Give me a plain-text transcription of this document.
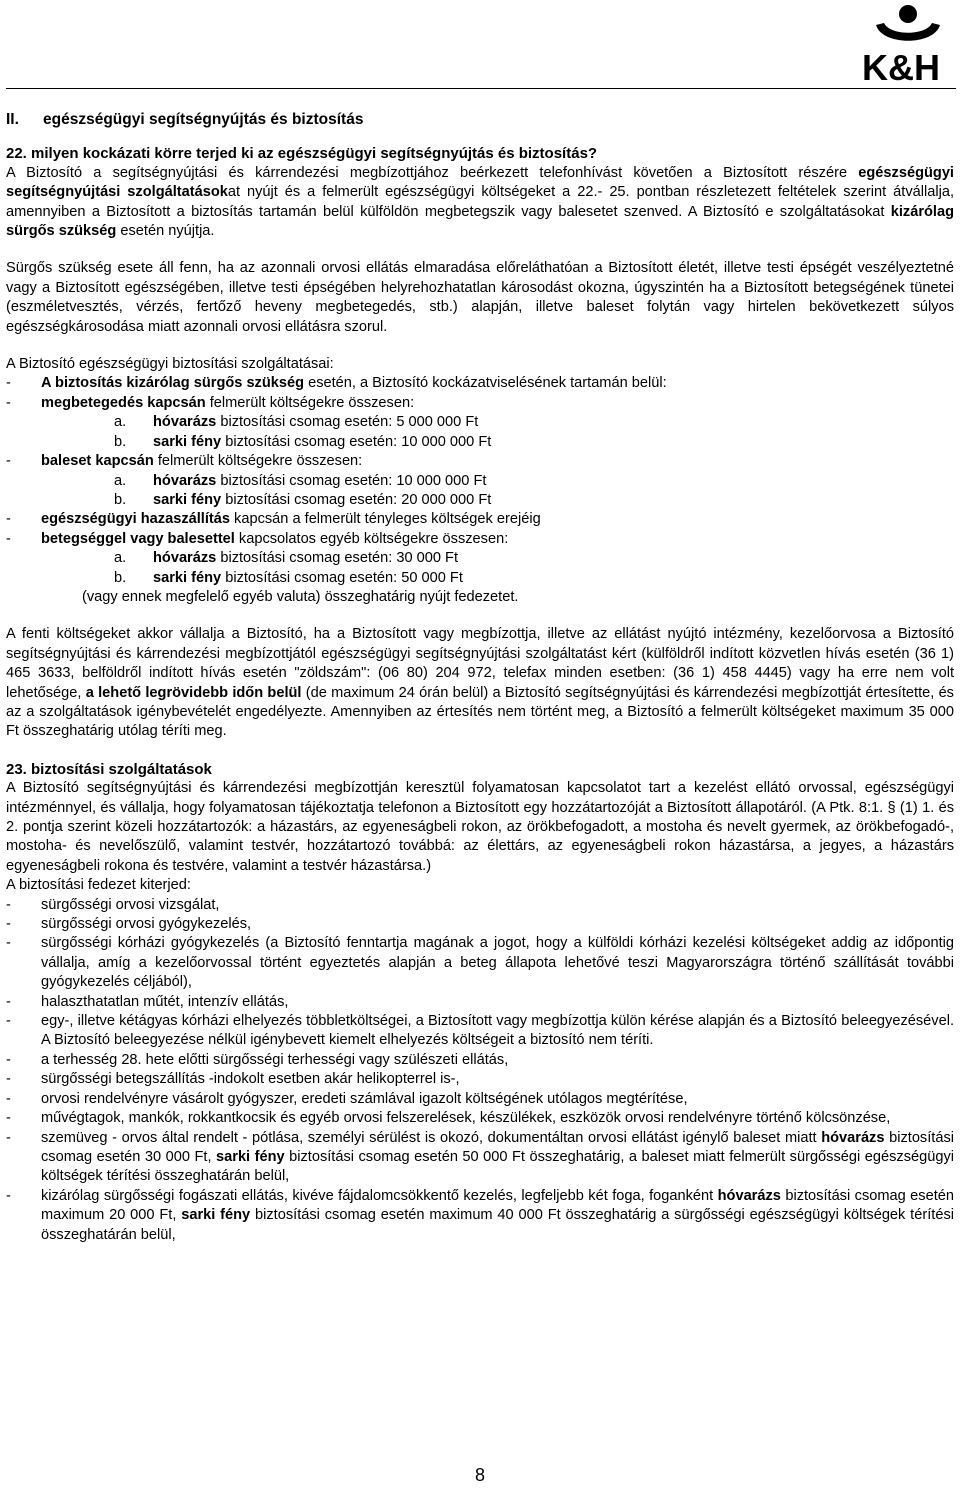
K&H
II.	egészségügyi segítségnyújtás és biztosítás

22. milyen kockázati körre terjed ki az egészségügyi segítségnyújtás és biztosítás?

A Biztosító a segítségnyújtási és kárrendezési megbízottjához beérkezett telefonhívást követően a Biztosított részére egészségügyi segítségnyújtási szolgáltatásokat nyújt és a felmerült egészségügyi költségeket a 22.- 25. pontban részletezett feltételek szerint átvállalja, amennyiben a Biztosított a biztosítás tartamán belül külföldön megbetegszik vagy balesetet szenved. A Biztosító e szolgáltatásokat kizárólag sürgős szükség esetén nyújtja.

Sürgős szükség esete áll fenn, ha az azonnali orvosi ellátás elmaradása előreláthatóan a Biztosított életét, illetve testi épségét veszélyeztetné vagy a Biztosított egészségében, illetve testi épségében helyrehozhatatlan károsodást okozna, úgyszintén ha a Biztosított betegségének tünetei (eszméletvesztés, vérzés, fertőző heveny megbetegedés, stb.) alapján, illetve baleset folytán vagy hirtelen bekövetkezett súlyos egészségkárosodása miatt azonnali orvosi ellátásra szorul.

A Biztosító egészségügyi biztosítási szolgáltatásai:

-	A biztosítás kizárólag sürgős szükség esetén, a Biztosító kockázatviselésének tartamán belül:
-	megbetegedés kapcsán felmerült költségekre összesen:
a.	hóvarázs biztosítási csomag esetén: 5 000 000 Ft
b.	sarki fény biztosítási csomag esetén: 10 000 000 Ft
-	baleset kapcsán felmerült költségekre összesen:
a.	hóvarázs biztosítási csomag esetén: 10 000 000 Ft
b.	sarki fény biztosítási csomag esetén: 20 000 000 Ft
-	egészségügyi hazaszállítás kapcsán a felmerült tényleges költségek erejéig
-	betegséggel vagy balesettel kapcsolatos egyéb költségekre összesen:
a.	hóvarázs biztosítási csomag esetén: 30 000 Ft
b.	sarki fény biztosítási csomag esetén: 50 000 Ft

(vagy ennek megfelelő egyéb valuta) összeghatárig nyújt fedezetet.

A fenti költségeket akkor vállalja a Biztosító, ha a Biztosított vagy megbízottja, illetve az ellátást nyújtó intézmény, kezelőorvosa a Biztosító segítségnyújtási és kárrendezési megbízottjától egészségügyi segítségnyújtási szolgáltatást kért (külföldről indított közvetlen hívás esetén (36 1) 465 3633, belföldről indított hívás esetén "zöldszám": (06 80) 204 972, telefax minden esetben: (36 1) 458 4445) vagy ha erre nem volt lehetősége, a lehető legrövidebb időn belül (de maximum 24 órán belül) a Biztosító segítségnyújtási és kárrendezési megbízottját értesítette, és az a szolgáltatások igénybevételét engedélyezte. Amennyiben az értesítés nem történt meg, a Biztosító a felmerült költségeket maximum 35 000 Ft összeghatárig utólag téríti meg.

23. biztosítási szolgáltatások

A Biztosító segítségnyújtási és kárrendezési megbízottján keresztül folyamatosan kapcsolatot tart a kezelést ellátó orvossal, egészségügyi intézménnyel, és vállalja, hogy folyamatosan tájékoztatja telefonon a Biztosított egy hozzátartozóját a Biztosított állapotáról. (A Ptk. 8:1. § (1) 1. és 2. pontja szerint közeli hozzátartozók: a házastárs, az egyeneságbeli rokon, az örökbefogadott, a mostoha és nevelt gyermek, az örökbefogadó-, mostoha- és nevelőszülő, valamint testvér, hozzátartozó továbbá: az élettárs, az egyeneságbeli rokon házastársa, a jegyes, a házastárs egyeneságbeli rokona és testvére, valamint a testvér házastársa.)

A biztosítási fedezet kiterjed:

-	sürgősségi orvosi vizsgálat,
-	sürgősségi orvosi gyógykezelés,
-	sürgősségi kórházi gyógykezelés (a Biztosító fenntartja magának a jogot, hogy a külföldi kórházi kezelési költségeket addig az időpontig vállalja, amíg a kezelőorvossal történt egyeztetés alapján a beteg állapota lehetővé teszi Magyarországra történő szállítását további gyógykezelés céljából),
-	halaszthatatlan műtét, intenzív ellátás,
-	egy-, illetve kétágyas kórházi elhelyezés többletköltségei, a Biztosított vagy megbízottja külön kérése alapján és a Biztosító beleegyezésével. A Biztosító beleegyezése nélkül igénybevett kiemelt elhelyezés költségeit a biztosító nem téríti.
-	a terhesség 28. hete előtti sürgősségi terhességi vagy szülészeti ellátás,
-	sürgősségi betegszállítás -indokolt esetben akár helikopterrel is-,
-	orvosi rendelvényre vásárolt gyógyszer, eredeti számlával igazolt költségének utólagos megtérítése,
-	művégtagok, mankók, rokkantkocsik és egyéb orvosi felszerelések, készülékek, eszközök orvosi rendelvényre történő kölcsönzése,
-	szemüveg - orvos által rendelt - pótlása, személyi sérülést is okozó, dokumentáltan orvosi ellátást igénylő baleset miatt hóvarázs biztosítási csomag esetén 30 000 Ft, sarki fény biztosítási csomag esetén 50 000 Ft összeghatárig, a baleset miatt felmerült sürgősségi egészségügyi költségek térítési összeghatárán belül,
-	kizárólag sürgősségi fogászati ellátás, kivéve fájdalomcsökkentő kezelés, legfeljebb két foga, foganként hóvarázs biztosítási csomag esetén maximum 20 000 Ft, sarki fény biztosítási csomag esetén maximum 40 000 Ft összeghatárig a sürgősségi egészségügyi költségek térítési összeghatárán belül,
8
